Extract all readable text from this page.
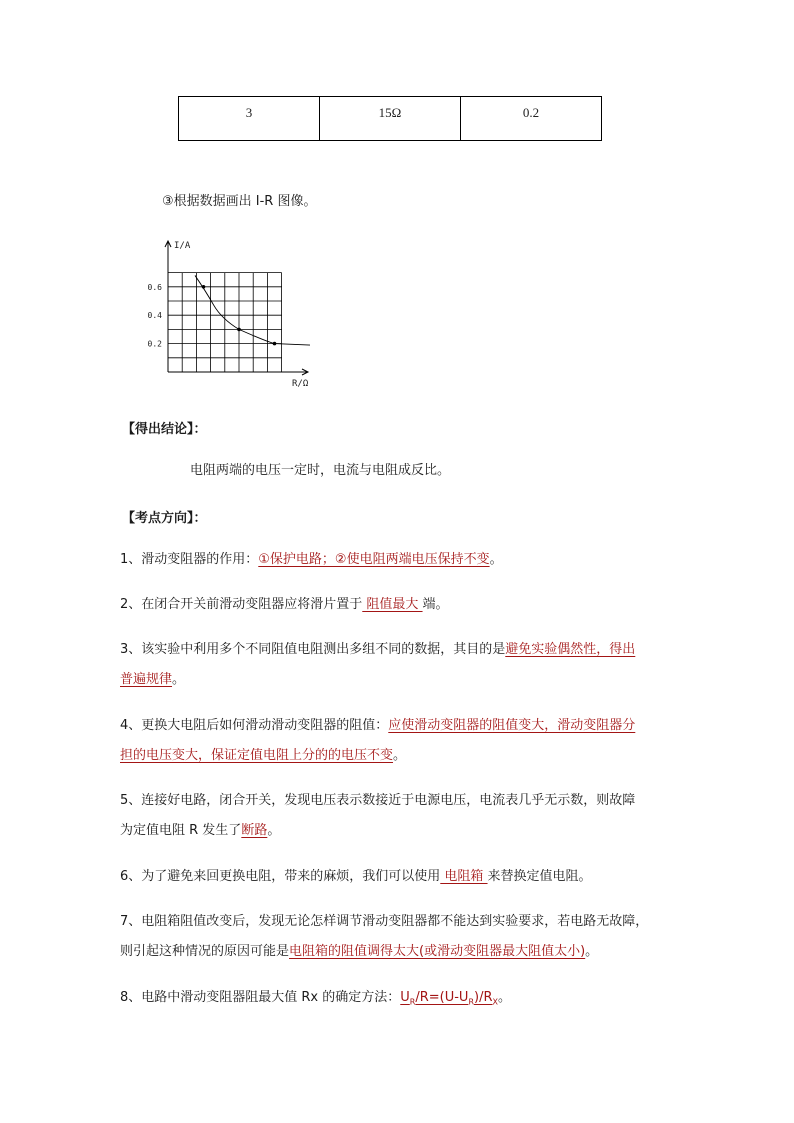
3	15Ω	0.2
③根据数据画出 I-R 图像。
0.6
0.4
0.2
I/A
R/Ω
【得出结论】：
电阻两端的电压一定时，电流与电阻成反比。
【考点方向】：
1、滑动变阻器的作用：①保护电路；②使电阻两端电压保持不变。
2、在闭合开关前滑动变阻器应将滑片置于 阻值最大 端。
3、该实验中利用多个不同阻值电阻测出多组不同的数据，其目的是避免实验偶然性，得出
普遍规律。
4、更换大电阻后如何滑动滑动变阻器的阻值：应使滑动变阻器的阻值变大，滑动变阻器分
担的电压变大，保证定值电阻上分的的电压不变。
5、连接好电路，闭合开关，发现电压表示数接近于电源电压，电流表几乎无示数，则故障
为定值电阻 R 发生了断路。
6、为了避免来回更换电阻，带来的麻烦，我们可以使用 电阻箱 来替换定值电阻。
7、电阻箱阻值改变后，发现无论怎样调节滑动变阻器都不能达到实验要求，若电路无故障，
则引起这种情况的原因可能是电阻箱的阻值调得太大(或滑动变阻器最大阻值太小)。
8、电路中滑动变阻器阻最大值 Rx 的确定方法：$U_R/R=(U-U_R)/R_X$。
